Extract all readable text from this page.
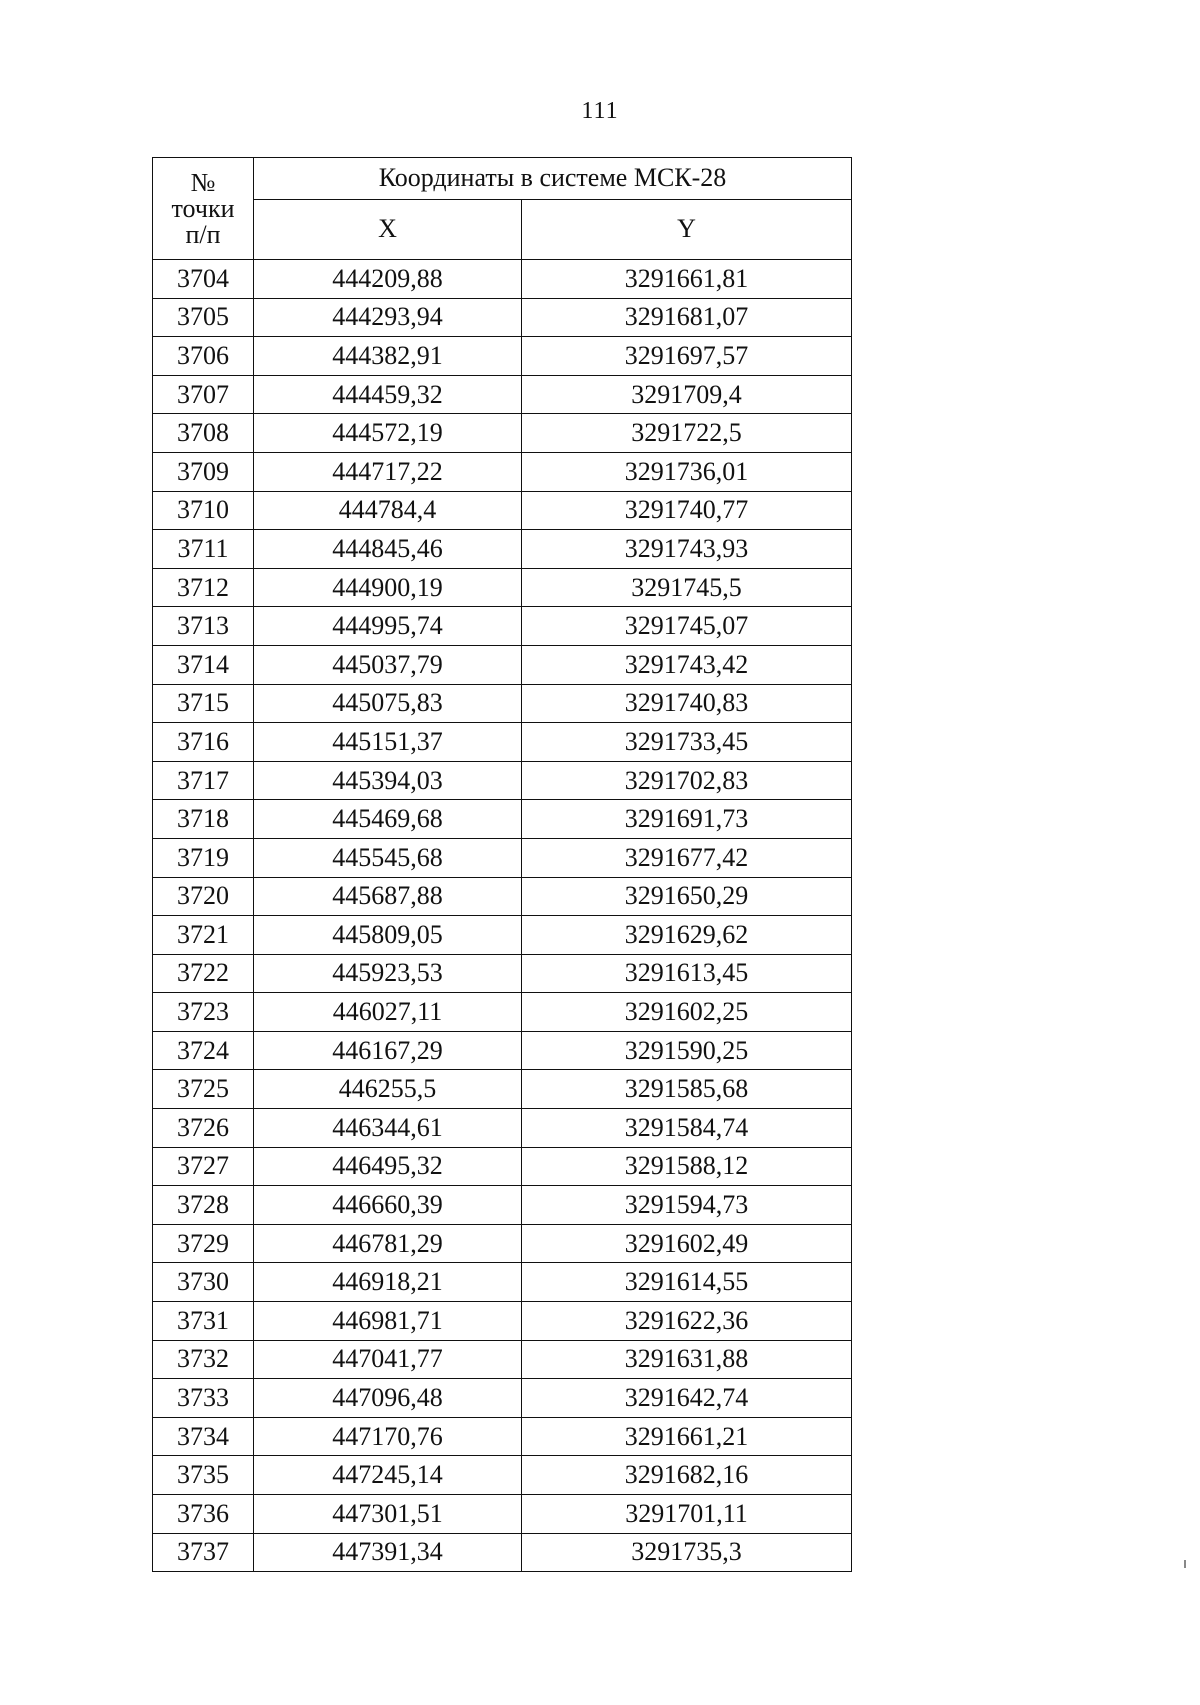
111
№
точки
п/п	Координаты в системе МСК-28	
	X	Y
3704	444209,88	3291661,81
3705	444293,94	3291681,07
3706	444382,91	3291697,57
3707	444459,32	3291709,4
3708	444572,19	3291722,5
3709	444717,22	3291736,01
3710	444784,4	3291740,77
3711	444845,46	3291743,93
3712	444900,19	3291745,5
3713	444995,74	3291745,07
3714	445037,79	3291743,42
3715	445075,83	3291740,83
3716	445151,37	3291733,45
3717	445394,03	3291702,83
3718	445469,68	3291691,73
3719	445545,68	3291677,42
3720	445687,88	3291650,29
3721	445809,05	3291629,62
3722	445923,53	3291613,45
3723	446027,11	3291602,25
3724	446167,29	3291590,25
3725	446255,5	3291585,68
3726	446344,61	3291584,74
3727	446495,32	3291588,12
3728	446660,39	3291594,73
3729	446781,29	3291602,49
3730	446918,21	3291614,55
3731	446981,71	3291622,36
3732	447041,77	3291631,88
3733	447096,48	3291642,74
3734	447170,76	3291661,21
3735	447245,14	3291682,16
3736	447301,51	3291701,11
3737	447391,34	3291735,3
